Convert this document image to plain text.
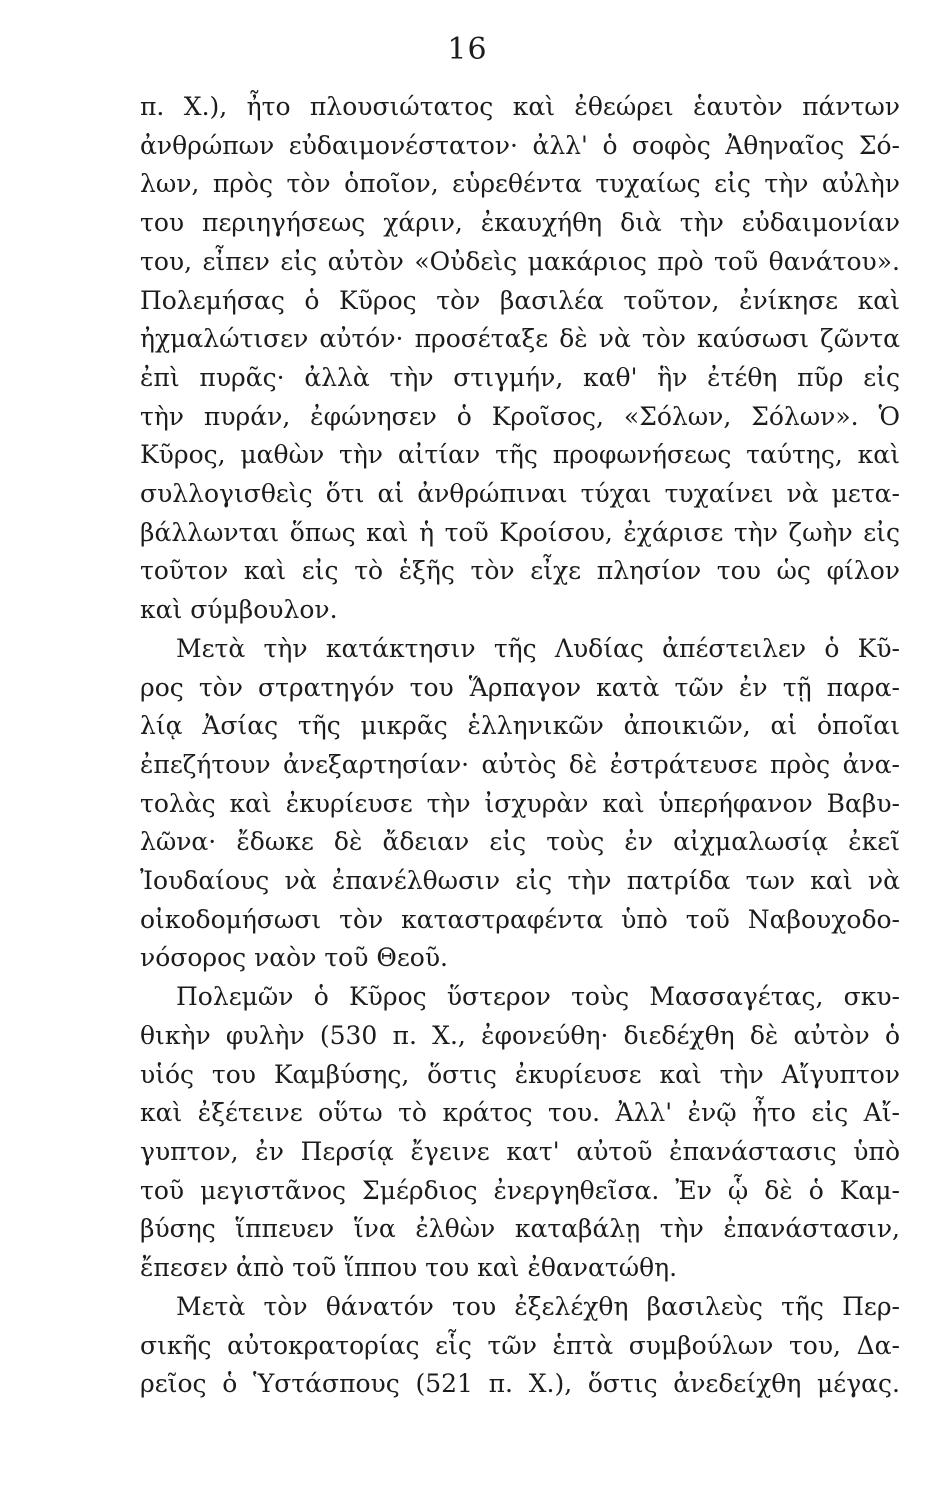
16
π. Χ.), ἦτο πλουσιώτατος καὶ ἐθεώρει ἑαυτὸν πάντων
ἀνθρώπων εὐδαιμονέστατον· ἀλλ' ὁ σοφὸς Ἀθηναῖος Σό-
λων, πρὸς τὸν ὁποῖον, εὑρεθέντα τυχαίως εἰς τὴν αὐλὴν
του περιηγήσεως χάριν, ἐκαυχήθη διὰ τὴν εὐδαιμονίαν
του, εἶπεν εἰς αὐτὸν «Οὐδεὶς μακάριος πρὸ τοῦ θανάτου».
Πολεμήσας ὁ Κῦρος τὸν βασιλέα τοῦτον, ἐνίκησε καὶ
ἠχμαλώτισεν αὐτόν· προσέταξε δὲ νὰ τὸν καύσωσι ζῶντα
ἐπὶ πυρᾶς· ἀλλὰ τὴν στιγμήν, καθ' ἣν ἐτέθη πῦρ εἰς
τὴν πυράν, ἐφώνησεν ὁ Κροῖσος, «Σόλων, Σόλων». Ὁ
Κῦρος, μαθὼν τὴν αἰτίαν τῆς προφωνήσεως ταύτης, καὶ
συλλογισθεὶς ὅτι αἱ ἀνθρώπιναι τύχαι τυχαίνει νὰ μετα-
βάλλωνται ὅπως καὶ ἡ τοῦ Κροίσου, ἐχάρισε τὴν ζωὴν εἰς
τοῦτον καὶ εἰς τὸ ἑξῆς τὸν εἶχε πλησίον του ὡς φίλον
καὶ σύμβουλον.
Μετὰ τὴν κατάκτησιν τῆς Λυδίας ἀπέστειλεν ὁ Κῦ-
ρος τὸν στρατηγόν του Ἅρπαγον κατὰ τῶν ἐν τῇ παρα-
λίᾳ Ἀσίας τῆς μικρᾶς ἑλληνικῶν ἀποικιῶν, αἱ ὁποῖαι
ἐπεζήτουν ἀνεξαρτησίαν· αὐτὸς δὲ ἐστράτευσε πρὸς ἀνα-
τολὰς καὶ ἐκυρίευσε τὴν ἰσχυρὰν καὶ ὑπερήφανον Βαβυ-
λῶνα· ἔδωκε δὲ ἄδειαν εἰς τοὺς ἐν αἰχμαλωσίᾳ ἐκεῖ
Ἰουδαίους νὰ ἐπανέλθωσιν εἰς τὴν πατρίδα των καὶ νὰ
οἰκοδομήσωσι τὸν καταστραφέντα ὑπὸ τοῦ Ναβουχοδο-
νόσορος ναὸν τοῦ Θεοῦ.
Πολεμῶν ὁ Κῦρος ὕστερον τοὺς Μασσαγέτας, σκυ-
θικὴν φυλὴν (530 π. Χ., ἐφονεύθη· διεδέχθη δὲ αὐτὸν ὁ
υἱός του Καμβύσης, ὅστις ἐκυρίευσε καὶ τὴν Αἴγυπτον
καὶ ἐξέτεινε οὕτω τὸ κράτος του. Ἀλλ' ἐνῷ ἦτο εἰς Αἴ-
γυπτον, ἐν Περσίᾳ ἔγεινε κατ' αὐτοῦ ἐπανάστασις ὑπὸ
τοῦ μεγιστᾶνος Σμέρδιος ἐνεργηθεῖσα. Ἐν ᾧ δὲ ὁ Καμ-
βύσης ἵππευεν ἵνα ἐλθὼν καταβάλῃ τὴν ἐπανάστασιν,
ἔπεσεν ἀπὸ τοῦ ἵππου του καὶ ἐθανατώθη.
Μετὰ τὸν θάνατόν του ἐξελέχθη βασιλεὺς τῆς Περ-
σικῆς αὐτοκρατορίας εἷς τῶν ἑπτὰ συμβούλων του, Δα-
ρεῖος ὁ Ὑστάσπους (521 π. Χ.), ὅστις ἀνεδείχθη μέγας.
